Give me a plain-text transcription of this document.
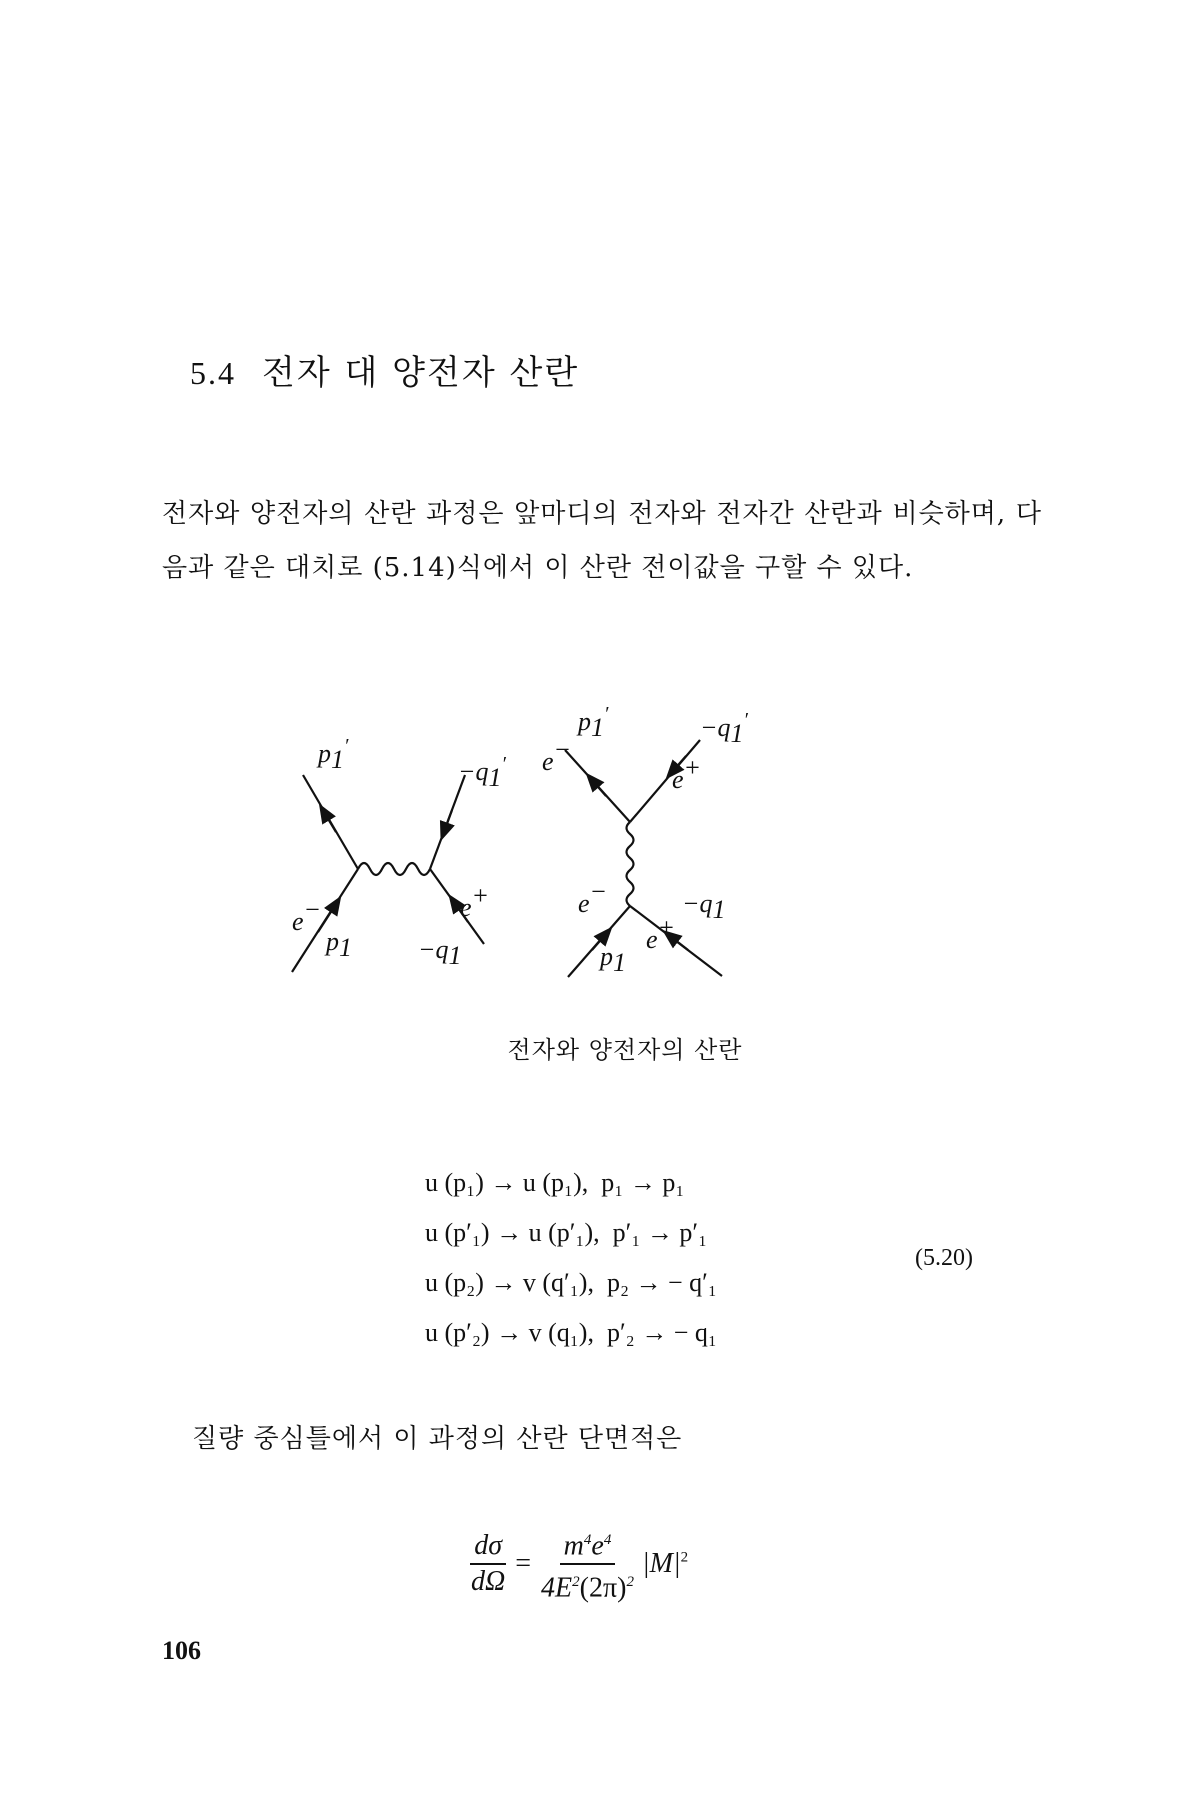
5.4 전자 대 양전자 산란

전자와 양전자의 산란 과정은 앞마디의 전자와 전자간 산란과 비슷하며, 다음과 같은 대치로 (5.14)식에서 이 산란 전이값을 구할 수 있다.

p1′
−q1′
e−
p1
e+
−q1
p1′	−q1′
e−
e+
e−	−q1
p1
e+
전자와 양전자의 산란
u (p₁) → u (p₁),  p₁ → p₁
u (p′₁) → u (p′₁),  p′₁ → p′₁
u (p₂) → v (q′₁),  p₂ → − q′₁
u (p′₂) → v (q₁),  p′₂ → − q₁
(5.20)
질량 중심틀에서 이 과정의 산란 단면적은
$\frac{d\sigma}{d\Omega} = \frac{m^4e^4}{4E^2(2\pi)^2} |M|^2$
106
